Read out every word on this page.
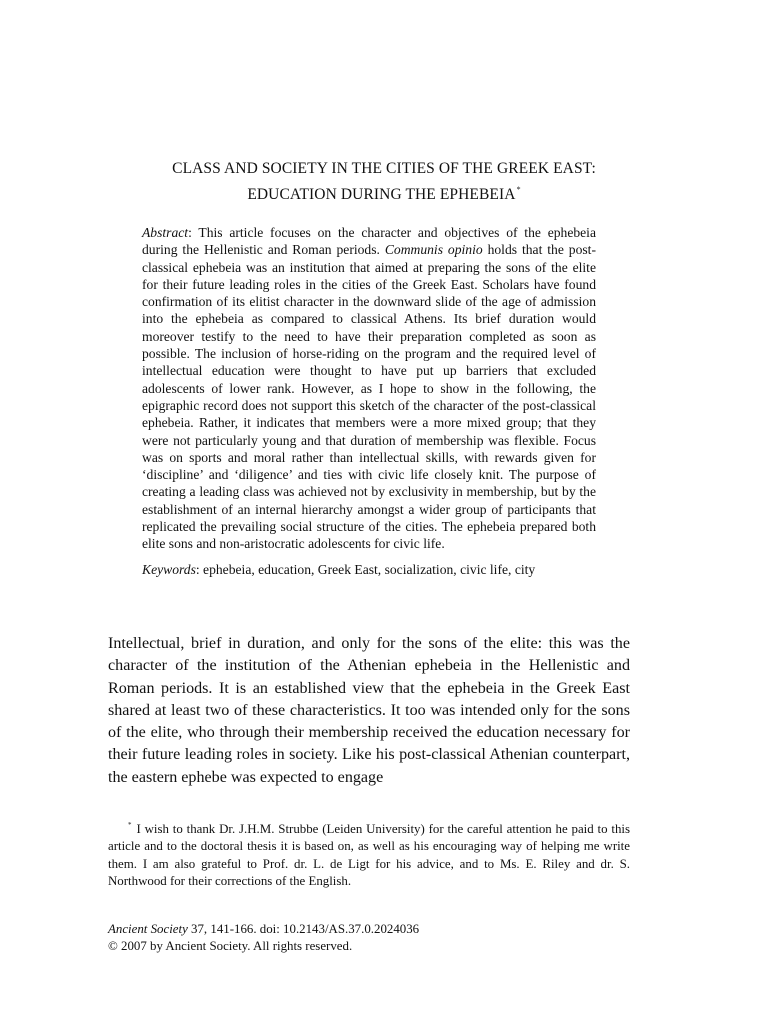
CLASS AND SOCIETY IN THE CITIES OF THE GREEK EAST:
EDUCATION DURING THE EPHEBEIA*

Abstract: This article focuses on the character and objectives of the ephebeia during the Hellenistic and Roman periods. Communis opinio holds that the post-classical ephebeia was an institution that aimed at preparing the sons of the elite for their future leading roles in the cities of the Greek East. Scholars have found confirmation of its elitist character in the downward slide of the age of admission into the ephebeia as compared to classical Athens. Its brief duration would moreover testify to the need to have their preparation completed as soon as possible. The inclusion of horse-riding on the program and the required level of intellectual education were thought to have put up barriers that excluded adolescents of lower rank. However, as I hope to show in the following, the epigraphic record does not support this sketch of the character of the post-classical ephebeia. Rather, it indicates that members were a more mixed group; that they were not particularly young and that duration of membership was flexible. Focus was on sports and moral rather than intellectual skills, with rewards given for ‘discipline’ and ‘diligence’ and ties with civic life closely knit. The purpose of creating a leading class was achieved not by exclusivity in membership, but by the establishment of an internal hierarchy amongst a wider group of participants that replicated the prevailing social structure of the cities. The ephebeia prepared both elite sons and non-aristocratic adolescents for civic life.

Keywords: ephebeia, education, Greek East, socialization, civic life, city

Intellectual, brief in duration, and only for the sons of the elite: this was the character of the institution of the Athenian ephebeia in the Hellenistic and Roman periods. It is an established view that the ephebeia in the Greek East shared at least two of these characteristics. It too was intended only for the sons of the elite, who through their membership received the education necessary for their future leading roles in society. Like his post-classical Athenian counterpart, the eastern ephebe was expected to engage

* I wish to thank Dr. J.H.M. Strubbe (Leiden University) for the careful attention he paid to this article and to the doctoral thesis it is based on, as well as his encouraging way of helping me write them. I am also grateful to Prof. dr. L. de Ligt for his advice, and to Ms. E. Riley and dr. S. Northwood for their corrections of the English.

Ancient Society 37, 141-166. doi: 10.2143/AS.37.0.2024036
© 2007 by Ancient Society. All rights reserved.
